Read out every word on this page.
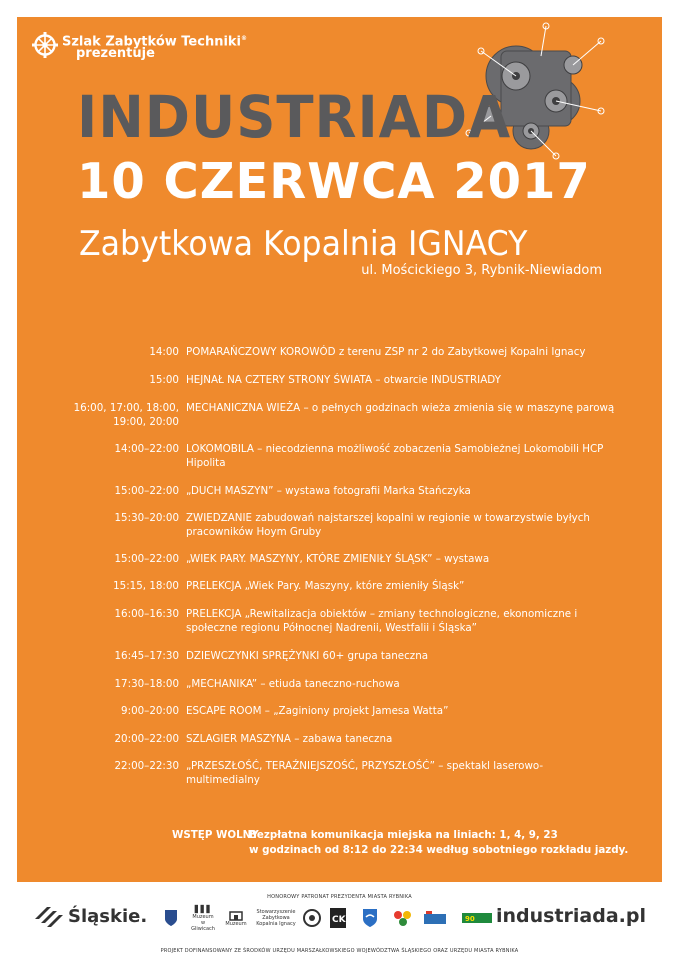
Szlak Zabytków Techniki®
prezentuje
INDUSTRIADA
10 CZERWCA 2017
Zabytkowa Kopalnia IGNACY
ul. Mościckiego 3, Rybnik-Niewiadom
14:00 POMARAŃCZOWY KOROWÓD z terenu ZSP nr 2 do Zabytkowej Kopalni Ignacy
15:00 HEJNAŁ NA CZTERY STRONY ŚWIATA – otwarcie INDUSTRIADY
16:00, 17:00, 18:00,
19:00, 20:00
MECHANICZNA WIEŻA – o pełnych godzinach wieża zmienia się w maszynę parową
14:00–22:00 LOKOMOBILA – niecodzienna możliwość zobaczenia Samobieżnej Lokomobili HCP Hipolita
15:00–22:00 „DUCH MASZYN” – wystawa fotografii Marka Stańczyka
15:30–20:00 ZWIEDZANIE zabudowań najstarszej kopalni w regionie w towarzystwie byłych pracowników Hoym Gruby
15:00–22:00 „WIEK PARY. MASZYNY, KTÓRE ZMIENIŁY ŚLĄSK” – wystawa
15:15, 18:00 PRELEKCJA „Wiek Pary. Maszyny, które zmieniły Śląsk”
16:00–16:30 PRELEKCJA „Rewitalizacja obiektów – zmiany technologiczne, ekonomiczne i społeczne regionu Północnej Nadrenii, Westfalii i Śląska”
16:45–17:30 DZIEWCZYNKI SPRĘŻYNKI 60+ grupa taneczna
17:30–18:00 „MECHANIKA” – etiuda taneczno-ruchowa
9:00–20:00 ESCAPE ROOM – „Zaginiony projekt Jamesa Watta”
20:00–22:00 SZLAGIER MASZYNA – zabawa taneczna
22:00–22:30 „PRZESZŁOŚĆ, TERAŹNIEJSZOŚĆ, PRZYSZŁOŚĆ” – spektakl laserowo-multimedialny
WSTĘP WOLNY
Bezpłatna komunikacja miejska na liniach: 1, 4, 9, 23
w godzinach od 8:12 do 22:34 według sobotniego rozkładu jazdy.
HONOROWY PATRONAT PREZYDENTA MIASTA RYBNIKA
Śląskie.	Muzeum w Gliwicach
Muzeum
Stowarzyszenie Zabytkowa Kopalnia Ignacy	CK	90 industriada.pl
PROJEKT DOFINANSOWANY ZE ŚRODKÓW URZĘDU MARSZAŁKOWSKIEGO WOJEWÓDZTWA ŚLĄSKIEGO ORAZ URZĘDU MIASTA RYBNIKA
